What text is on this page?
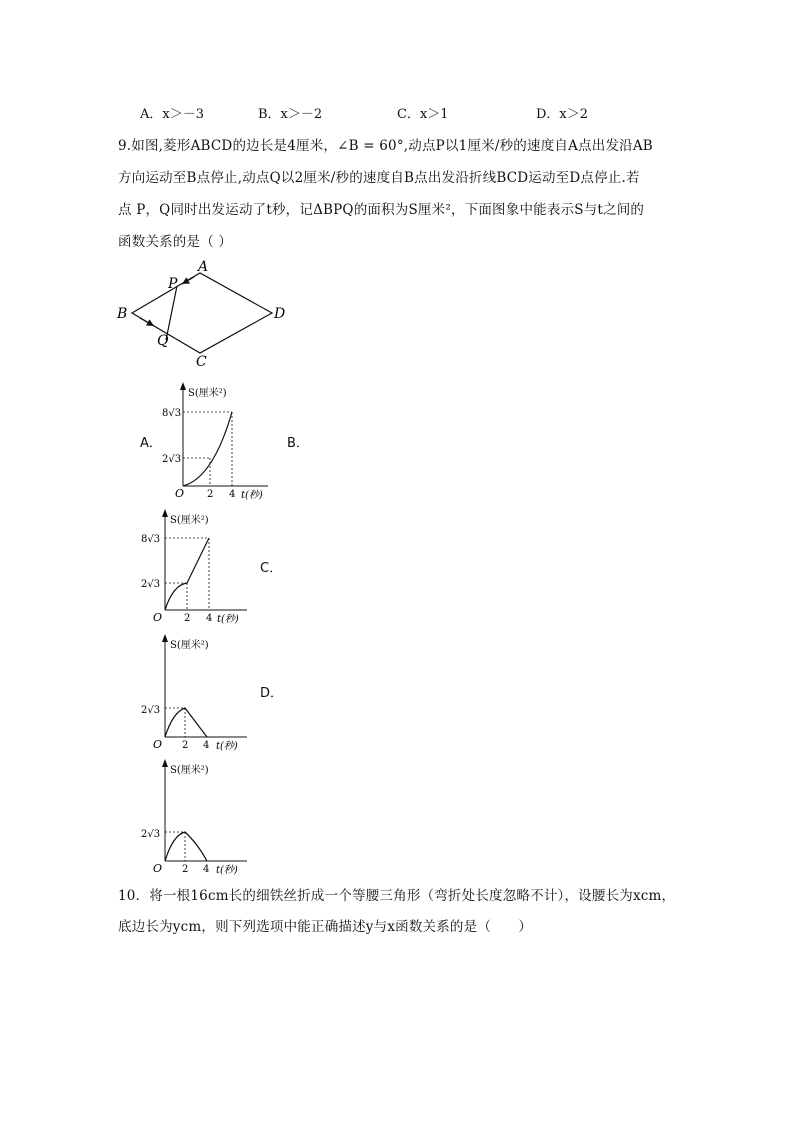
A．x＞－3	B．x＞－2	C．x＞1	D．x＞2
9.如图,菱形ABCD的边长是4厘米，∠B = 60°,动点P以1厘米/秒的速度自A点出发沿AB
方向运动至B点停止,动点Q以2厘米/秒的速度自B点出发沿折线BCD运动至D点停止.若
点 P，Q同时出发运动了t秒，记ΔBPQ的面积为S厘米²，下面图象中能表示S与t之间的
函数关系的是（ ）
A
B
C
D
P
Q
A．	B．
C．
D．
S(厘米²)
8√3
2√3
O 2 4 t(秒)
S(厘米²)
8√3
2√3
O 2 4 t(秒)
S(厘米²)
2√3
O 2 4 t(秒)
S(厘米²)
2√3
O 2 4 t(秒)
10．将一根16cm长的细铁丝折成一个等腰三角形（弯折处长度忽略不计），设腰长为xcm，
底边长为ycm，则下列选项中能正确描述y与x函数关系的是（　　）
